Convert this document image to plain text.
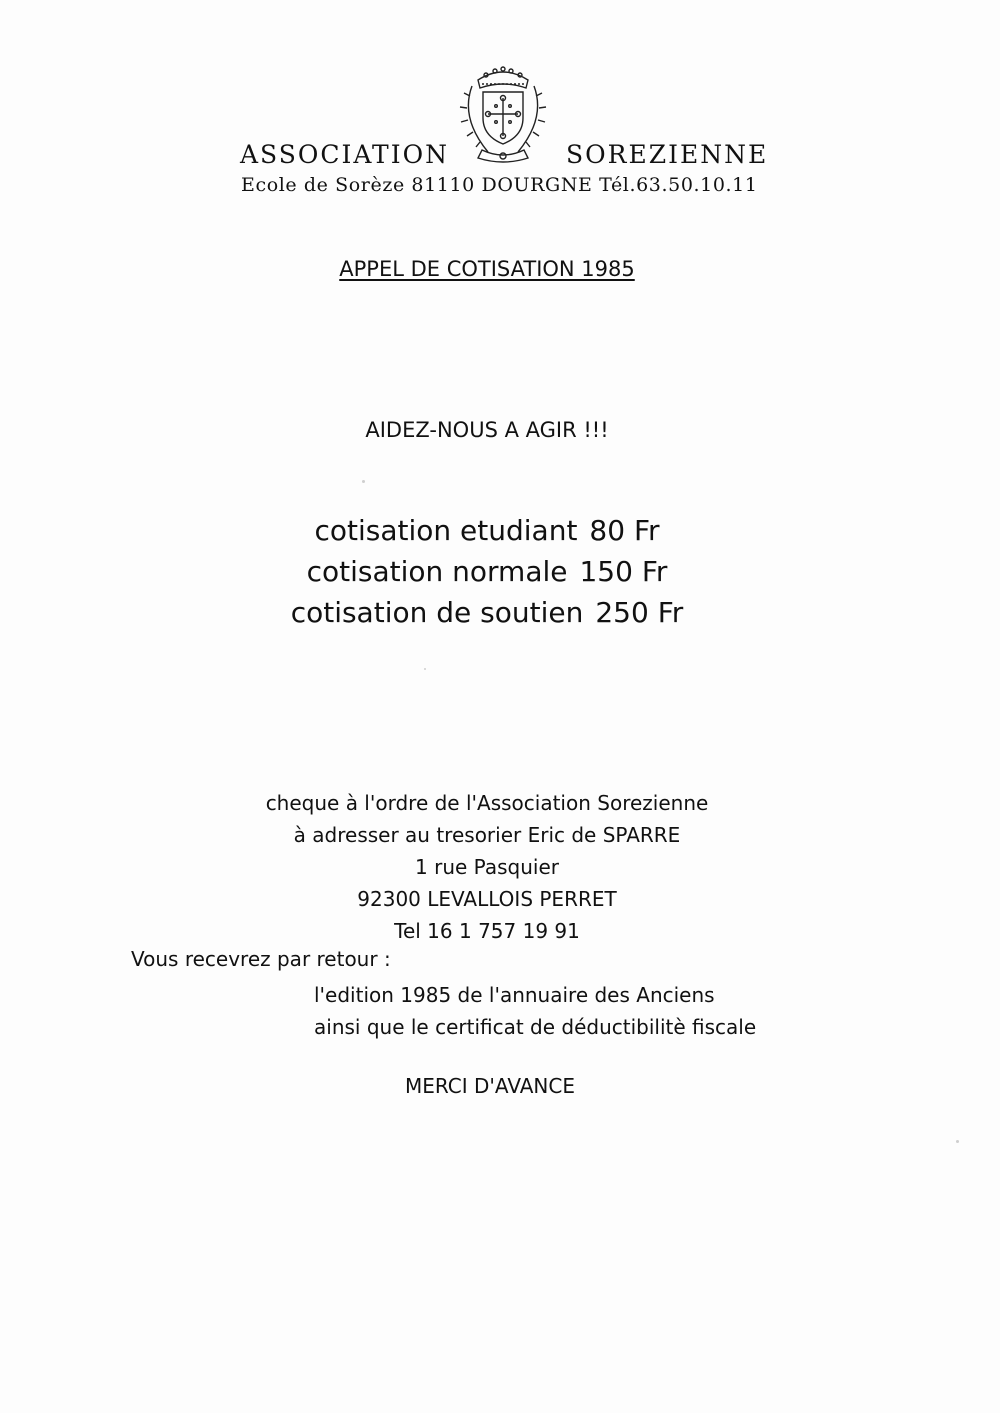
ASSOCIATION	SOREZIENNE
Ecole de Sorèze 81110 DOURGNE Tél.63.50.10.11
APPEL DE COTISATION 1985
AIDEZ-NOUS A AGIR !!!
cotisation etudiant 80 Fr
cotisation normale 150 Fr
cotisation de soutien 250 Fr
cheque à l'ordre de l'Association Sorezienne
à adresser au tresorier Eric de SPARRE
1 rue Pasquier
92300 LEVALLOIS PERRET
Tel 16 1 757 19 91
Vous recevrez par retour :
l'edition 1985 de l'annuaire des Anciens
ainsi que le certificat de déductibilitè fiscale
MERCI D'AVANCE
